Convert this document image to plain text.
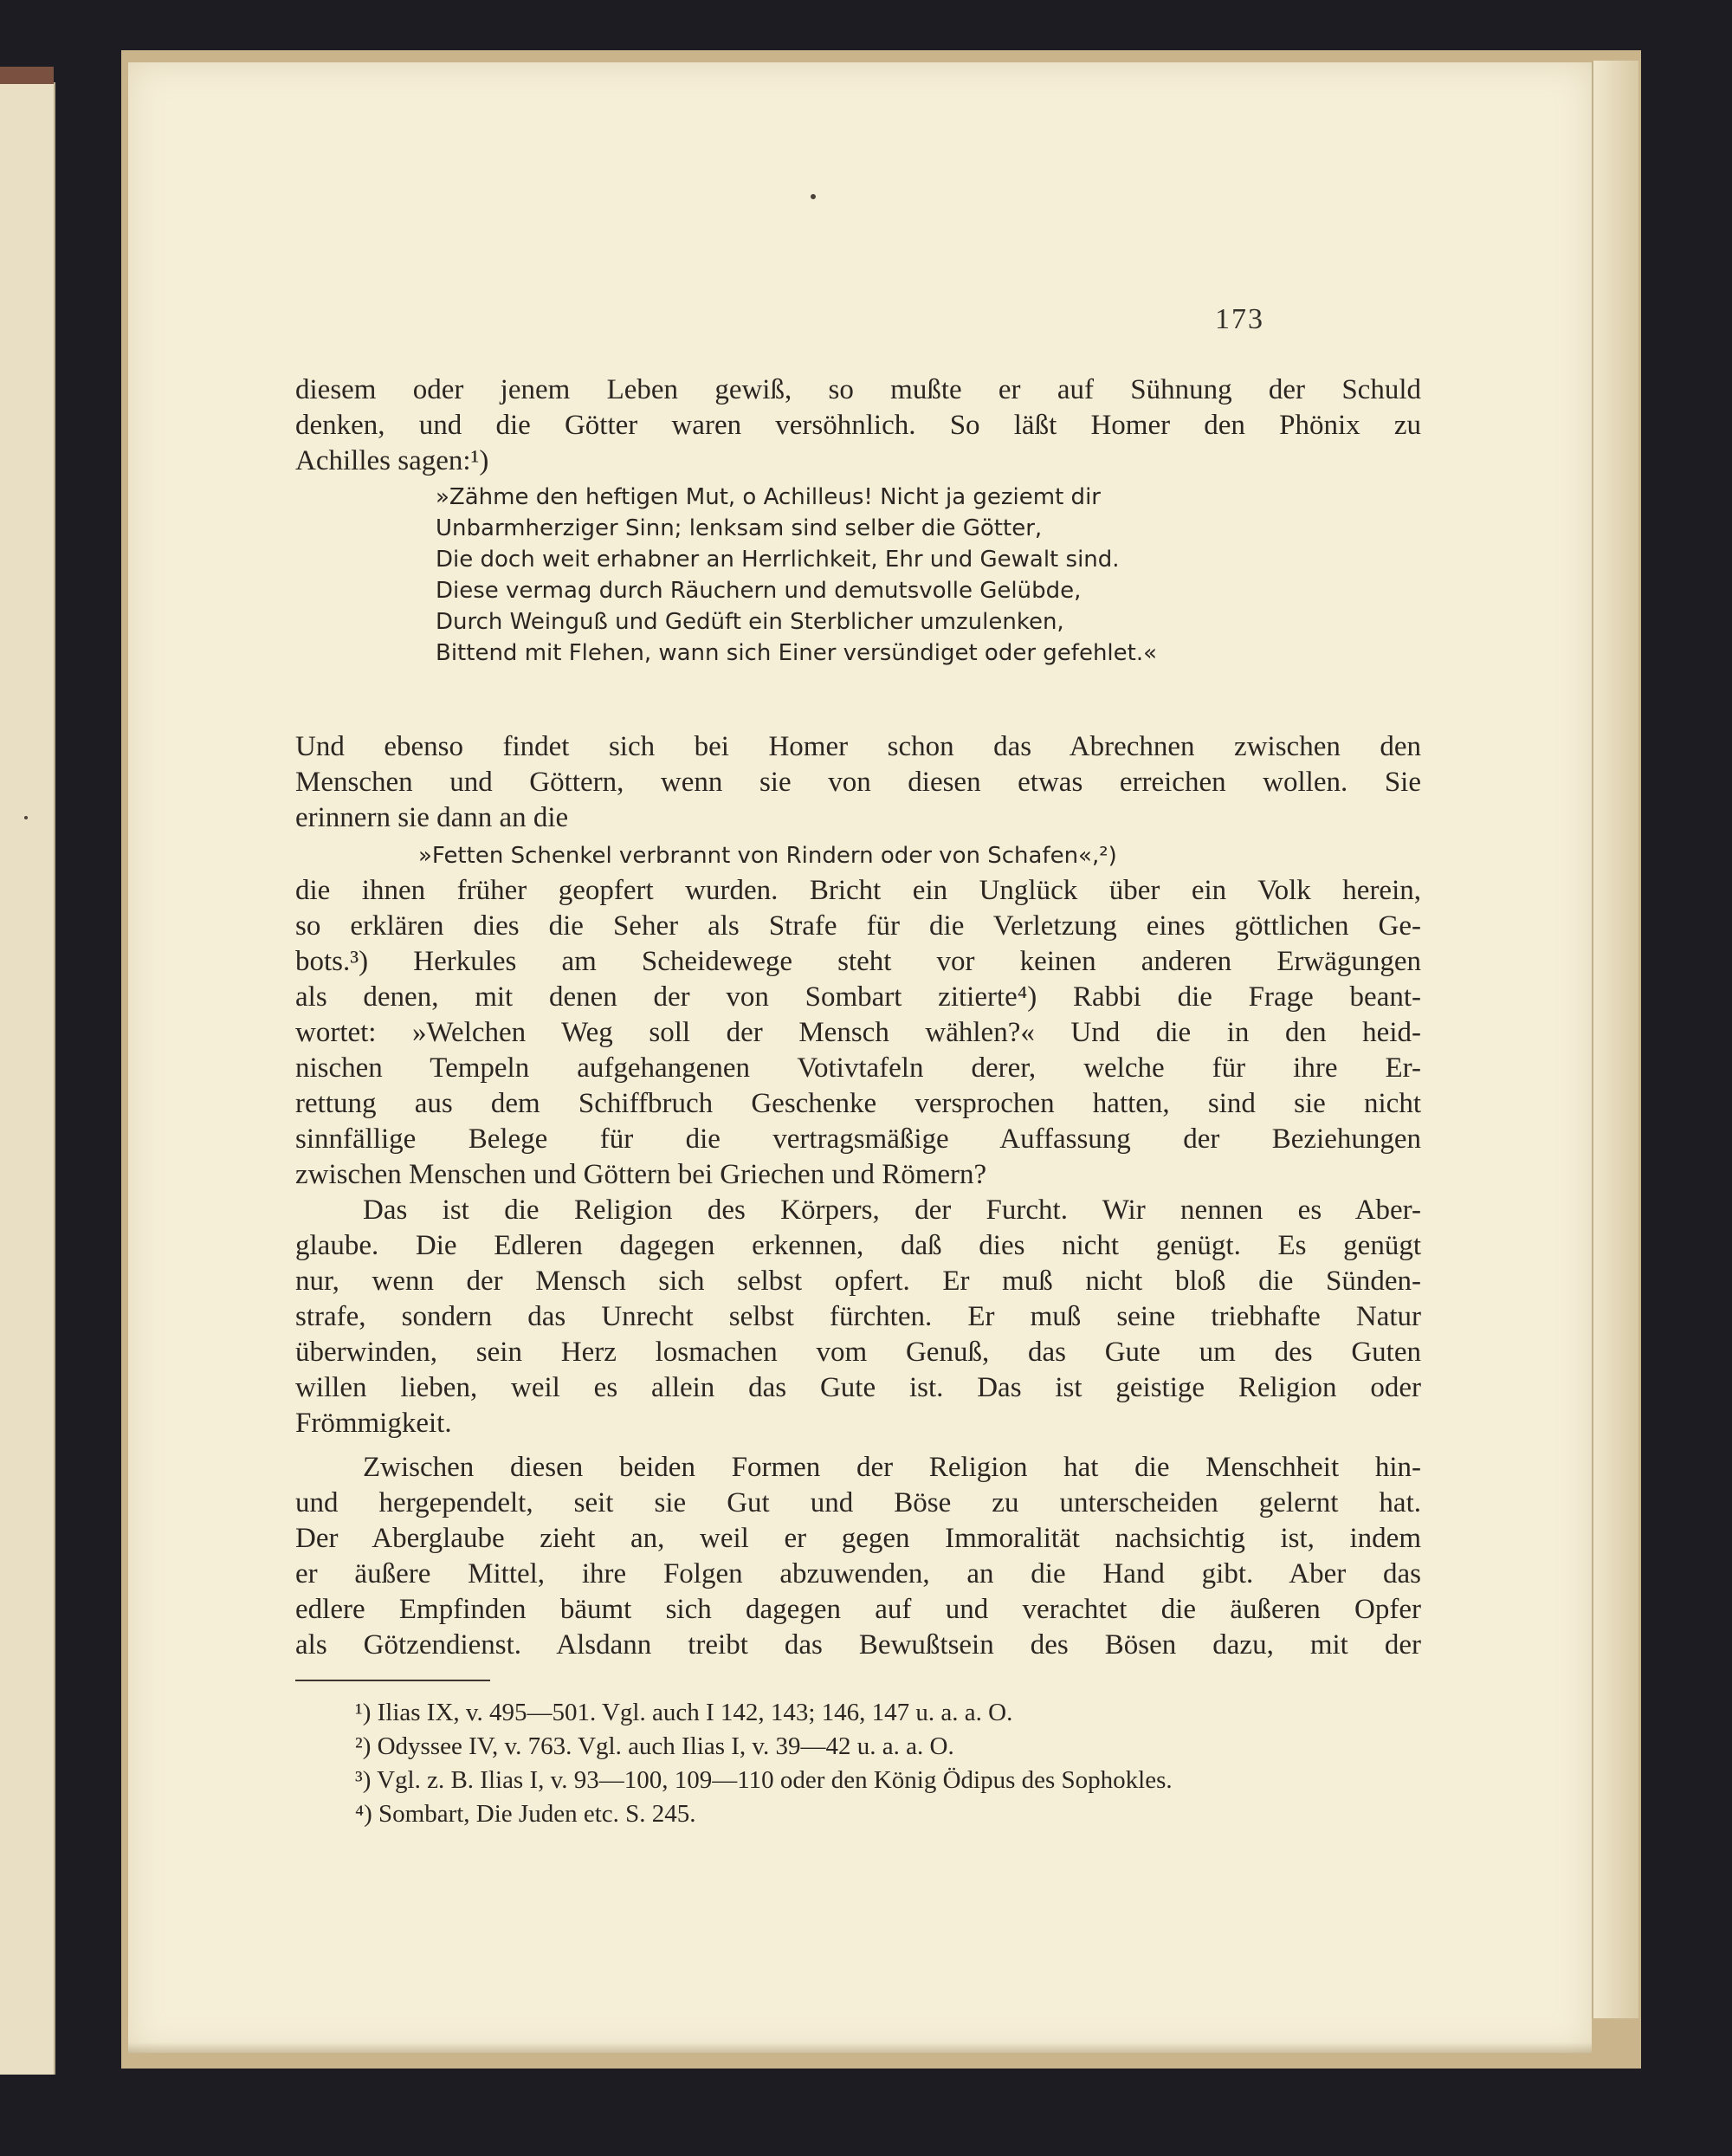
173
diesem oder jenem Leben gewiß, so mußte er auf Sühnung der Schuld
denken, und die Götter waren versöhnlich. So läßt Homer den Phönix zu
Achilles sagen:¹)
»Zähme den heftigen Mut, o Achilleus! Nicht ja geziemt dir
Unbarmherziger Sinn; lenksam sind selber die Götter,
Die doch weit erhabner an Herrlichkeit, Ehr und Gewalt sind.
Diese vermag durch Räuchern und demutsvolle Gelübde,
Durch Weinguß und Gedüft ein Sterblicher umzulenken,
Bittend mit Flehen, wann sich Einer versündiget oder gefehlet.«
Und ebenso findet sich bei Homer schon das Abrechnen zwischen den
Menschen und Göttern, wenn sie von diesen etwas erreichen wollen. Sie
erinnern sie dann an die
»Fetten Schenkel verbrannt von Rindern oder von Schafen«,²)
die ihnen früher geopfert wurden. Bricht ein Unglück über ein Volk herein,
so erklären dies die Seher als Strafe für die Verletzung eines göttlichen Ge-
bots.³) Herkules am Scheidewege steht vor keinen anderen Erwägungen
als denen, mit denen der von Sombart zitierte⁴) Rabbi die Frage beant-
wortet: »Welchen Weg soll der Mensch wählen?« Und die in den heid-
nischen Tempeln aufgehangenen Votivtafeln derer, welche für ihre Er-
rettung aus dem Schiffbruch Geschenke versprochen hatten, sind sie nicht
sinnfällige Belege für die vertragsmäßige Auffassung der Beziehungen
zwischen Menschen und Göttern bei Griechen und Römern?
Das ist die Religion des Körpers, der Furcht. Wir nennen es Aber-
glaube. Die Edleren dagegen erkennen, daß dies nicht genügt. Es genügt
nur, wenn der Mensch sich selbst opfert. Er muß nicht bloß die Sünden-
strafe, sondern das Unrecht selbst fürchten. Er muß seine triebhafte Natur
überwinden, sein Herz losmachen vom Genuß, das Gute um des Guten
willen lieben, weil es allein das Gute ist. Das ist geistige Religion oder
Frömmigkeit.
Zwischen diesen beiden Formen der Religion hat die Menschheit hin-
und hergependelt, seit sie Gut und Böse zu unterscheiden gelernt hat.
Der Aberglaube zieht an, weil er gegen Immoralität nachsichtig ist, indem
er äußere Mittel, ihre Folgen abzuwenden, an die Hand gibt. Aber das
edlere Empfinden bäumt sich dagegen auf und verachtet die äußeren Opfer
als Götzendienst. Alsdann treibt das Bewußtsein des Bösen dazu, mit der
¹) Ilias IX, v. 495—501. Vgl. auch I 142, 143; 146, 147 u. a. a. O.
²) Odyssee IV, v. 763. Vgl. auch Ilias I, v. 39—42 u. a. a. O.
³) Vgl. z. B. Ilias I, v. 93—100, 109—110 oder den König Ödipus des Sophokles.
⁴) Sombart, Die Juden etc. S. 245.
